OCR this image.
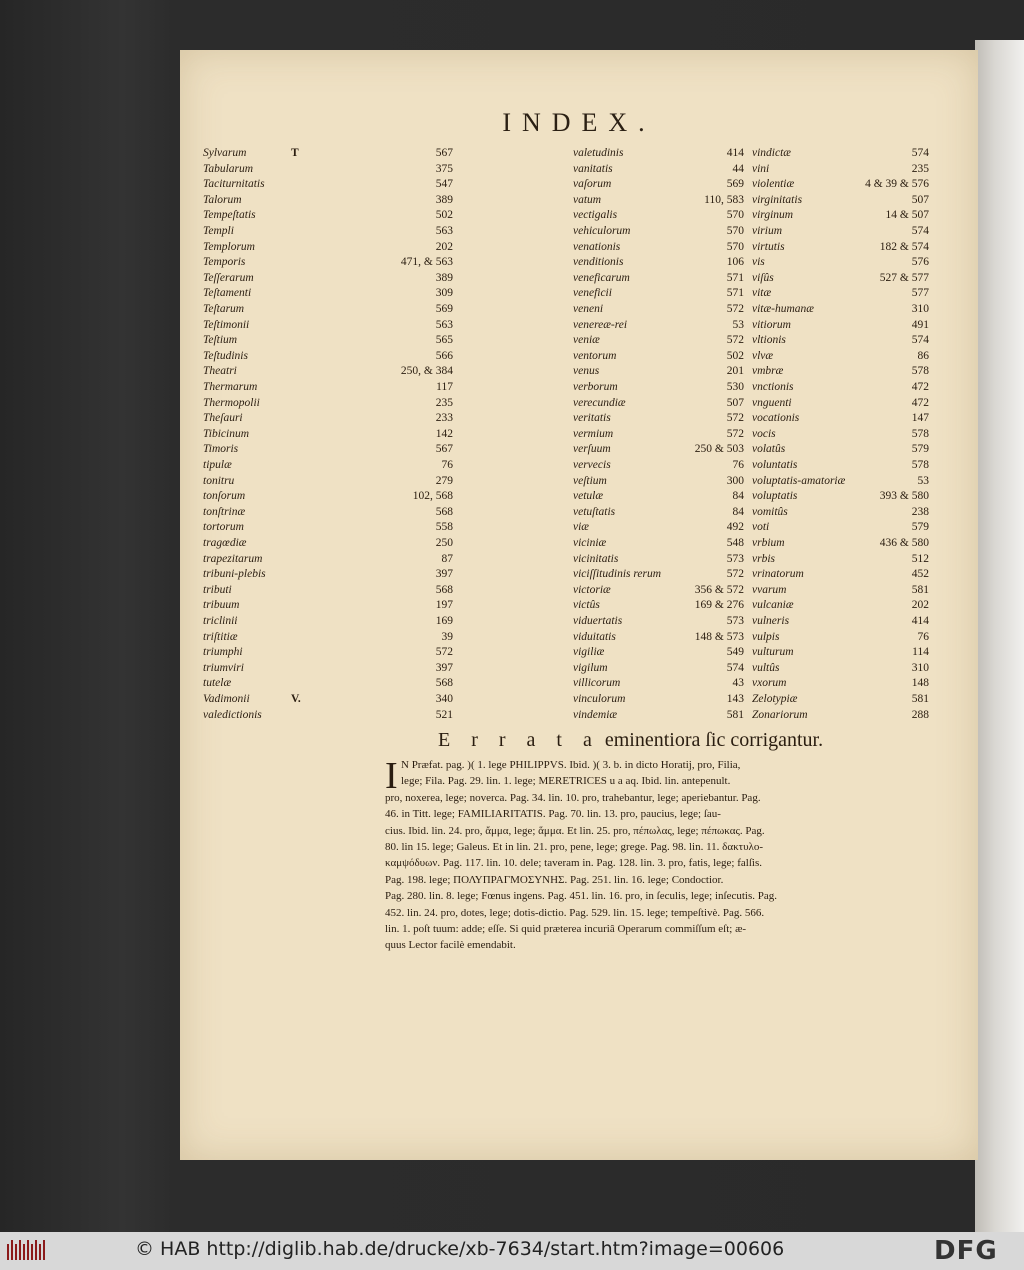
INDEX.
Sylvarum	T	567	valetudinis	414 vindictæ	574
Tabularum	375	vanitatis	44 vini	235
Taciturnitatis	547	vaſorum	569 violentiæ	4 & 39 & 576
Talorum	389	vatum	110, 583 virginitatis	507
Tempeſtatis	502	vectigalis	570 virginum	14 & 507
Templi	563	vehiculorum	570 virium	574
Templorum	202	venationis	570 virtutis	182 & 574
Temporis	471, & 563	venditionis	106 vis	576
Teſſerarum	389	veneficarum	571 viſûs	527 & 577
Teſtamenti	309	veneficii	571 vitæ	577
Teſtarum	569	veneni	572 vitæ-humanæ	310
Teſtimonii	563	venereæ-rei	53 vitiorum	491
Teſtium	565	veniæ	572 vltionis	574
Teſtudinis	566	ventorum	502 vlvæ	86
Theatri	250, & 384	venus	201 vmbræ	578
Thermarum	117	verborum	530 vnctionis	472
Thermopolii	235	verecundiæ	507 vnguenti	472
Theſauri	233	veritatis	572 vocationis	147
Tibicinum	142	vermium	572 vocis	578
Timoris	567	verſuum	250 & 503 volatûs	579
tipulæ	76	vervecis	76 voluntatis	578
tonitru	279	veſtium	300 voluptatis-amatoriæ	53
tonſorum	102, 568	vetulæ	84 voluptatis	393 & 580
tonſtrinæ	568	vetuſtatis	84 vomitûs	238
tortorum	558	viæ	492 voti	579
tragœdiæ	250	viciniæ	548 vrbium	436 & 580
trapezitarum	87	vicinitatis	573 vrbis	512
tribuni-plebis	397	viciſſitudinis rerum	572 vrinatorum	452
tributi	568	victoriæ	356 & 572 vvarum	581
tribuum	197	victûs	169 & 276 vulcaniæ	202
triclinii	169	viduertatis	573 vulneris	414
triſtitiæ	39	viduitatis	148 & 573 vulpis	76
triumphi	572	vigiliæ	549 vulturum	114
triumviri	397	vigilum	574 vultûs	310
tutelæ	568	villicorum	43 vxorum	148
Vadimonii	V.	340	vinculorum	143 Zelotypiæ	581
valedictionis	521	vindemiæ	581 Zonariorum	288
E r r a t a eminentiora ſic corrigantur.
I N Præfat. pag. )( 1. lege PHILIPPVS. Ibid. )( 3. b. in dicto Horatij, pro, Filia,
lege; Fila. Pag. 29. lin. 1. lege; MERETRICES u a aq. Ibid. lin. antepenult.
pro, noxerea, lege; noverca. Pag. 34. lin. 10. pro, trahebantur, lege; aperiebantur. Pag.
46. in Titt. lege; FAMILIARITATIS. Pag. 70. lin. 13. pro, paucius, lege; ſau-
cius. Ibid. lin. 24. pro, ἄμμα, lege; ἅμμα. Et lin. 25. pro, πέπωλας, lege; πέπωκας. Pag.
80. lin 15. lege; Galeus. Et in lin. 21. pro, pene, lege; grege. Pag. 98. lin. 11. δακτυλο-
καμψόδυων. Pag. 117. lin. 10. dele; taveram in. Pag. 128. lin. 3. pro, fatis, lege; falſis.
Pag. 198. lege; ΠΟΛΥΠΡΑΓΜΟΣΥΝΗΣ. Pag. 251. lin. 16. lege; Condoctior.
Pag. 280. lin. 8. lege; Fœnus ingens. Pag. 451. lin. 16. pro, in ſeculis, lege; inſecutis. Pag.
452. lin. 24. pro, dotes, lege; dotis-dictio. Pag. 529. lin. 15. lege; tempeſtivè. Pag. 566.
lin. 1. poſt tuum: adde; eſſe. Si quid præterea incuriâ Operarum commiſſum eſt; æ-
quus Lector facilè emendabit.
© HAB http://diglib.hab.de/drucke/xb-7634/start.htm?image=00606	DFG
